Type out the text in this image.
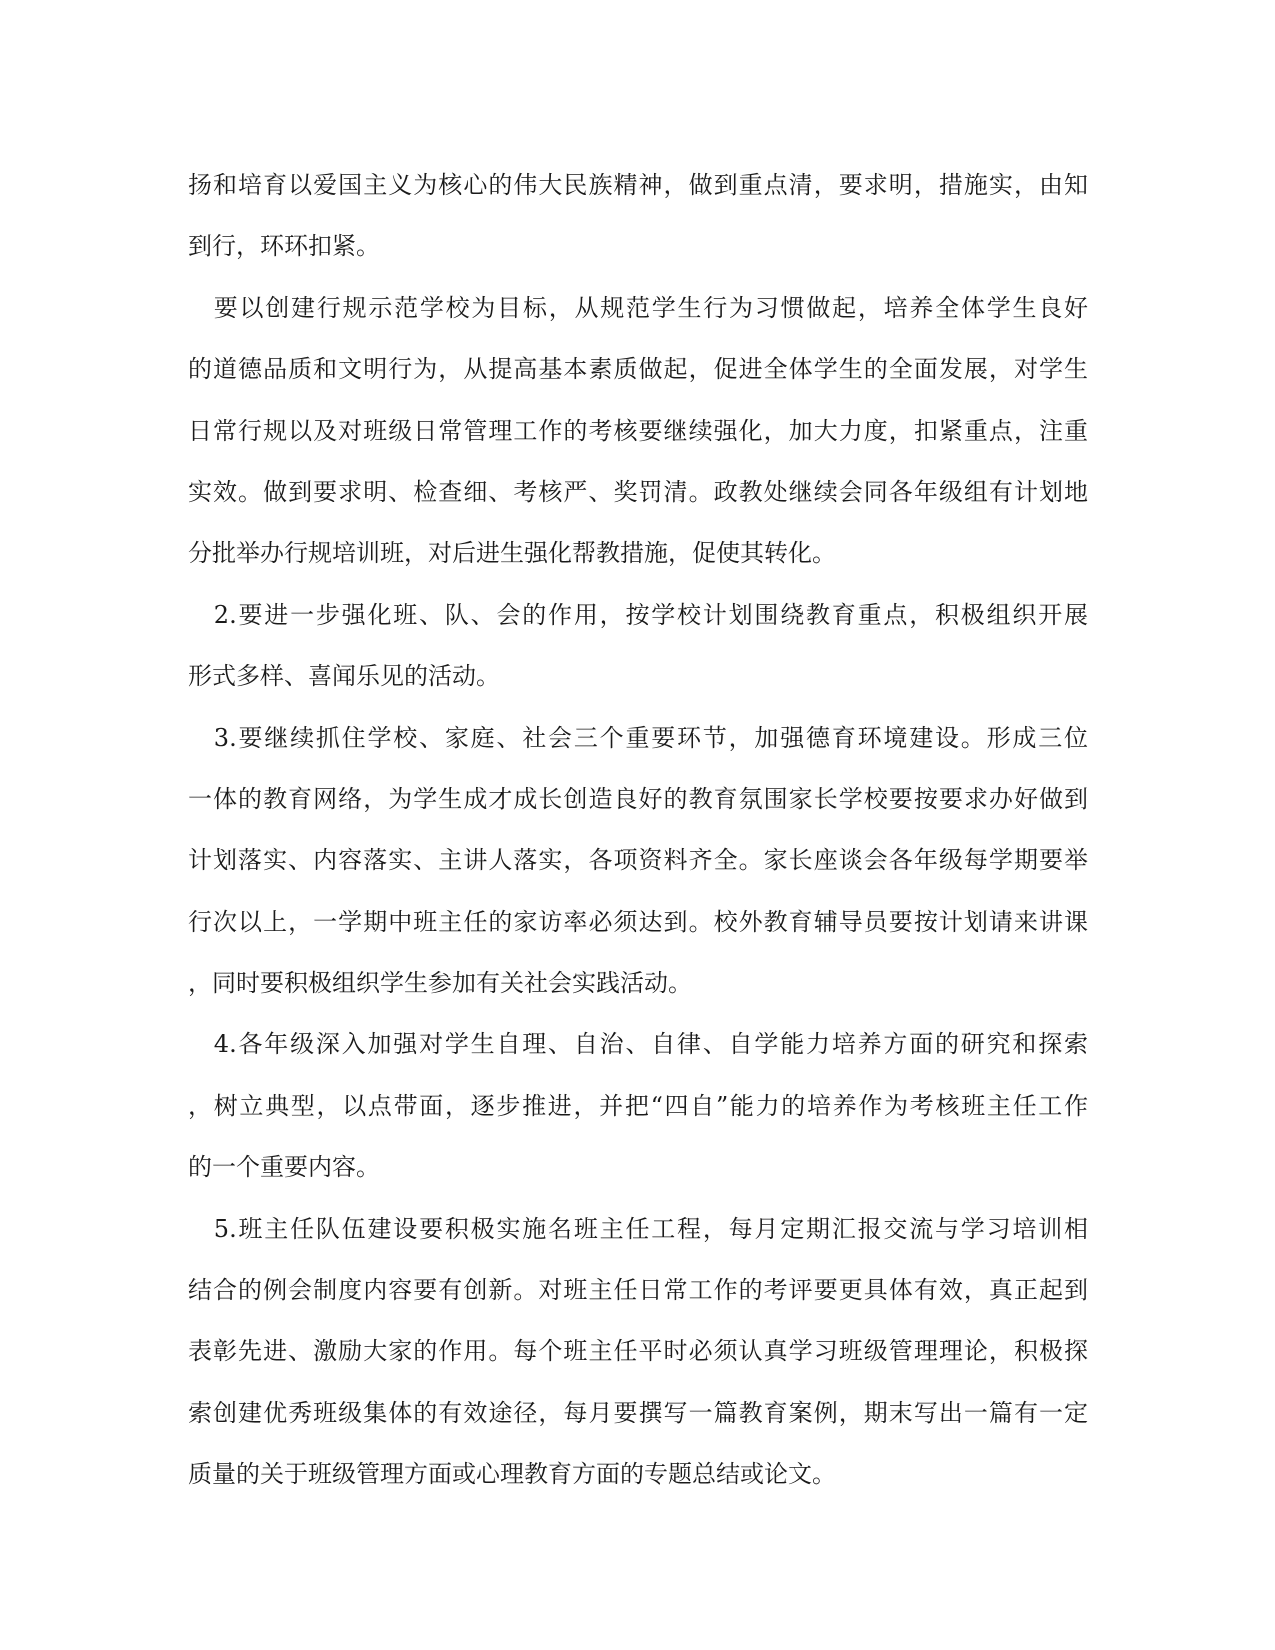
扬和培育以爱国主义为核心的伟大民族精神，做到重点清，要求明，措施实，由知
到行，环环扣紧。
　要以创建行规示范学校为目标，从规范学生行为习惯做起，培养全体学生良好
的道德品质和文明行为，从提高基本素质做起，促进全体学生的全面发展，对学生
日常行规以及对班级日常管理工作的考核要继续强化，加大力度，扣紧重点，注重
实效。做到要求明、检查细、考核严、奖罚清。政教处继续会同各年级组有计划地
分批举办行规培训班，对后进生强化帮教措施，促使其转化。
　2.要进一步强化班、队、会的作用，按学校计划围绕教育重点，积极组织开展
形式多样、喜闻乐见的活动。
　3.要继续抓住学校、家庭、社会三个重要环节，加强德育环境建设。形成三位
一体的教育网络，为学生成才成长创造良好的教育氛围家长学校要按要求办好做到
计划落实、内容落实、主讲人落实，各项资料齐全。家长座谈会各年级每学期要举
行次以上，一学期中班主任的家访率必须达到。校外教育辅导员要按计划请来讲课
，同时要积极组织学生参加有关社会实践活动。
　4.各年级深入加强对学生自理、自治、自律、自学能力培养方面的研究和探索
，树立典型，以点带面，逐步推进，并把“四自”能力的培养作为考核班主任工作
的一个重要内容。
　5.班主任队伍建设要积极实施名班主任工程，每月定期汇报交流与学习培训相
结合的例会制度内容要有创新。对班主任日常工作的考评要更具体有效，真正起到
表彰先进、激励大家的作用。每个班主任平时必须认真学习班级管理理论，积极探
索创建优秀班级集体的有效途径，每月要撰写一篇教育案例，期末写出一篇有一定
质量的关于班级管理方面或心理教育方面的专题总结或论文。
